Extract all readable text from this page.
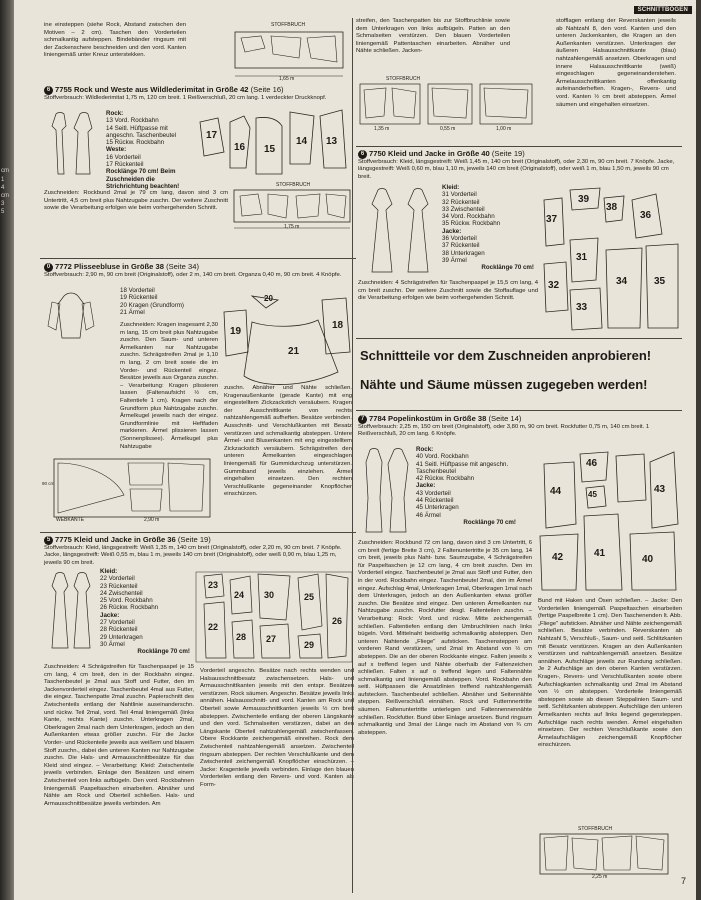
cm
1
4
cm
3
5
SCHNITTBOGEN

ine einsteppen (siehe Rock, Abstand zwischen den Motiven – 2 cm). Taschen den Vorderteilen schmalkantig aufsteppen. Bindebänder ringsum mit der Zackenschere beschneiden und den vord. Kanten liniengemäß unter Kreuz unterstekken.

STOFFBRUCH
1,65 m

6 7755 Rock und Weste aus Wildlederimitat in Größe 42 (Seite 16)

Stoffverbrauch: Wildlederimitat 1,75 m, 120 cm breit. 1 Reißverschluß, 20 cm lang. 1 verdeckter Druckknopf.

Rock:

13 Vord. Rockbahn

14 Seitl. Hüftpasse mit angeschn. Taschenbeutel

15 Rückw. Rockbahn

Weste:

16 Vorderteil

17 Rückenteil

Rocklänge 70 cm! Beim Zuschneiden die Strichrichtung beachten!

17
16 15
14 13

Zuschneiden: Rockbund 2mal je 79 cm lang, davon sind 3 cm Untertritt, 4,5 cm breit plus Nahtzugabe zuschn. Der weitere Zuschnitt sowie die Verarbeitung erfolgen wie beim vorhergehenden Schnitt.

STOFFBRUCH
1,75 m

0 7772 Plisseebluse in Größe 38 (Seite 34)

Stoffverbrauch: 2,90 m, 90 cm breit (Originalstoff), oder 2 m, 140 cm breit. Organza 0,40 m, 90 cm breit. 4 Knöpfe.

18 Vorderteil

19 Rückenteil

20 Kragen (Grundform)

21 Ärmel

Zuschneiden: Kragen insgesamt 2,30 m lang, 15 cm breit plus Nahtzugabe zuschn. Den Saum- und unteren Ärmelkanten nur Nahtzugabe zuschn. Schrägstreifen 2mal je 1,10 m lang, 2 cm breit sowie die im Vorder- und Rückenteil eingez. Besätze jeweils aus Organza zuschn. – Verarbeitung: Kragen plissieren lassen (Faltenaufsicht ½ cm, Faltentiefe 1 cm). Kragen nach der Grundform plus Nahtzugabe zuschn. Ärmelkugel jeweils nach der eingez. Grundformlinie mit Heftfaden markieren. Ärmel plissieren lassen (Sonnenplissee). Ärmelkugel plus Nahtzugabe

20
19
18
21
90 cm
WEBKANTE	2,90 m

zuschn. Abnäher und Nähte schließen. Kragenaußenkante (gerade Kante) mit eng eingestelltem Zickzackstich versäubern. Kragen der Ausschnittkante von rechts nahtzahlengemäß aufheften. Besätze verbinden. Ausschnitt- und Verschlußkanten mit Besatz verstürzen und schmalkantig absteppen. Untere Ärmel- und Blusenkanten mit eng eingestelltem Zickzackstich versäubern. Schrägstreifen den unteren Ärmelkanten eingeschlagen liniengemäß für Gummidurchzug unterstürzen. Gummiband jeweils einziehen. Ärmel eingehalten einsetzen. Den rechten Verschlußkante gegeneinander Knopflöcher einschürzen.

5 7775 Kleid und Jacke in Größe 36 (Seite 19)

Stoffverbrauch: Kleid, längsgestreift: Weiß 1,35 m, 140 cm breit (Originalstoff), oder 2,20 m, 90 cm breit. 7 Knöpfe. Jacke, längsgestreift: Weiß 0,55 m, blau 1 m, jeweils 140 cm breit (Originalstoff), oder weiß 0,90 m, blau 1,25 m, jeweils 90 cm breit.

Kleid:

22 Vorderteil

23 Rückenteil

24 Zwischenteil

25 Vord. Rockbahn

26 Rückw. Rockbahn

Jacke:

27 Vorderteil

28 Rückenteil

29 Unterkragen

30 Ärmel

Rocklänge 70 cm!

23
30	25
22
26
24
28
29
27

Zuschneiden: 4 Schrägstreifen für Taschenpaspel je 15 cm lang, 4 cm breit, den in der Rockbahn eingez. Taschenbeutel je 2mal aus Stoff und Futter, den im Jackenvorderteil eingez. Taschenbeutel 4mal aus Futter, die eingez. Taschenpatte 2mal zuschn. Papierschnitt des Zwischenteils entlang der Nahtlinie auseinanderschn. und rückw. Teil 2mal, vord. Teil 4mal liniengemäß (links Kante, rechts Kante) zuschn. Unterkragen 2mal, Oberkragen 2mal nach dem Unterkragen, jedoch an den Außenkanten etwas größer zuschn. Für die Jacke Vorder- und Rückenteile jeweils aus weißem und blauem Stoff zuschn., dabei den unteren Kanten nur Nahtzugabe zuschn. Die Hals- und Armausschnittbesätze für das Kleid sind eingez. – Verarbeitung: Kleid: Zwischenteile jeweils verbinden. Einlage den Besätzen und einem Zwischenteil von links aufbügeln. Den vord. Rockbahnen liniengemäß Paspeltaschen einarbeiten. Abnäher und Nähte am Rock und Oberteil schließen. Hals- und Armausschnittbesätze jeweils verbinden. Am

Vorderteil angeschn. Besätze nach rechts wenden und Halsausschnittbesatz zwischensetzen. Hals- und Armausschnittkanten jeweils mit den entspr. Besätzen verstürzen. Rock säumen. Angeschn. Besätze jeweils links annähen. Halsausschnitt- und vord. Kanten am Rock und Oberteil sowie Armausschnittkanten jeweils ½ cm breit absteppen. Zwischenteile entlang der oberen Längskante und den vord. Schmalseiten verstürzen, dabei an den Längskante Oberteil nahtzahlengemäß zwischenfassen. Obere Rockkante zeichengemäß einreihen. Rock dem Zwischenteil nahtzahlengemäß ansetzen. Zwischenteil ringsum absteppen. Der rechten Verschlußkante und dem Zwischenteil zeichengemäß Knopflöcher einschürzen. – Jacke: Kragenteile jeweils verbinden. Einlage den blauen Vorderteilen entlang den Revers- und vord. Kanten als Form-

streifen, den Taschenpatten bis zur Stoffbruchlinie sowie dem Unterkragen von links aufbügeln. Patten an den Schmalseiten verstürzen. Den blauen Vorderteilen liniengemäß Pattentaschen einarbeiten. Abnäher und Nähte schließen. Jacken-

STOFFBRUCH
1,35 m	0,55 m	1,00 m

stofflagen entlang der Reverskanten jeweils ab Nahtzahl 8, den vord. Kanten und den unteren Jackenkanten, die Kragen an den Außenkanten verstürzen. Unterkragen der äußeren Halsausschnittkante (blau) nahtzahlengemäß ansetzen. Oberkragen und innere Halsausschnittkante (weiß) eingeschlagen gegeneinanderstehen. Ärmelausschnittkanten offenkantig aufeinanderheften. Kragen-, Revers- und vord. Kanten ½ cm breit absteppen. Ärmel säumen und eingehalten einsetzen.

6 7750 Kleid und Jacke in Größe 40 (Seite 19)

Stoffverbrauch: Kleid, längsgestreift: Weiß 1,45 m, 140 cm breit (Originalstoff), oder 2,30 m, 90 cm breit. 7 Knöpfe. Jacke, längsgestreift: Weiß 0,60 m, blau 1,10 m, jeweils 140 cm breit (Originalstoff), oder weiß 1 m, blau 1,50 m, jeweils 90 cm breit.

Kleid:

31 Vorderteil

32 Rückenteil

33 Zwischenteil

34 Vord. Rockbahn

35 Rückw. Rockbahn

Jacke:

36 Vorderteil

37 Rückenteil

38 Unterkragen

39 Ärmel

Rocklänge 70 cm!

Zuschneiden: 4 Schrägstreifen für Taschenpaspel je 15,5 cm lang, 4 cm breit zuschn. Der weitere Zuschnitt sowie die Stoffauflage und die Verarbeitung erfolgen wie beim vorhergehenden Schnitt.

37
39
38
36
31
33
32	34	35

Schnittteile vor dem Zuschneiden anprobieren!

Nähte und Säume müssen zugegeben werden!

7 7784 Popelinkostüm in Größe 38 (Seite 14)

Stoffverbrauch: 2,25 m, 150 cm breit (Originalstoff), oder 3,80 m, 90 cm breit. Rockfutter 0,75 m, 140 cm breit. 1 Reißverschluß, 20 cm lang. 6 Knöpfe.

Rock:

40 Vord. Rockbahn

41 Seitl. Hüftpasse mit angeschn. Taschenbeutel

42 Rückw. Rockbahn

Jacke:

43 Vorderteil

44 Rückenteil

45 Unterkragen

46 Ärmel

Rocklänge 70 cm!

Zuschneiden: Rockbund 72 cm lang, davon sind 3 cm Untertritt, 6 cm breit (fertige Breite 3 cm), 2 Faltenuntertritte je 35 cm lang, 14 cm breit, jeweils plus Naht- bzw. Saumzugabe, 4 Schrägstreifen für Paspeltaschen je 12 cm lang, 4 cm breit zuschn. Den im Vorderteil eingez. Taschenbeutel je 2mal aus Stoff und Futter, den in der vord. Rockbahn eingez. Taschenbeutel 2mal, den im Ärmel eingez. Aufschlag 4mal, Unterkragen 1mal, Oberkragen 1mal nach dem Unterkragen, jedoch an den Außenkanten etwas größer zuschn. Die Besätze sind eingez. Den unteren Ärmelkanten nur Nahtzugabe zuschn. Rockfutter desgl. Faltenteilen zuschn. – Verarbeitung: Rock: Vord. und rückw. Mitte zeichengemäß schließen. Faltentiefen entlang den Umbruchlinien nach links bügeln. Vord. Mittelnaht beidseitig schmalkantig absteppen. Den unteren Nahtende „Fliege" aufsticken. Taschensteppen am vorderen Rand verstürzen, und 2mal im Abstand von ½ cm absteppen. Die an der oberen Rockkante eingez. Falten jeweils x auf x treffend legen und Nähte oberhalb der Faltenzeichen schließen. Falten x auf o treffend legen und Faltennähte schmalkantig und liniengemäß absteppen. Vord. Rockbahn den seitl. Hüftpassen die Ansatzlinien treffend nahtzahlengemäß aufstecken. Taschenbeutel schließen. Abnäher und Seitennähte steppen. Reißverschluß einnähen. Rock und Futternnertritte säumen. Faltenuntertritte unterlegen und Faltennennennähte schließen. Rockfutter. Bund über Einlage ansetzen. Bund ringsum schmalkantig und 3mal der Länge nach im Abstand von ¾ cm absteppen.

44
46
42
43
45
41
40

Bund mit Haken und Ösen schließen. – Jacke: Den Vorderteilen liniengemäß Paspeltaschen einarbeiten (fertige Paspelbreite 1 cm). Den Taschenenden lt. Abb. „Fliege" aufsticken. Abnäher und Nähte zeichengemäß schließen. Besätze verbinden. Reverskanten ab Nahtzahl 5, Verschluß-, Saum- und seitl. Schlitzkanten mit Besatz verstürzen. Kragen an den Außenkanten verstürzen und nahtzahlengemäß ansetzen. Besätze annähen. Aufschläge jeweils zur Rundung schließen. Je 2 Aufschläge an den oberen Kanten verstürzen. Kragen-, Revers- und Verschlußkanten sowie obere Aufschlagkanten schmalkantig und 2mal im Abstand von ½ cm absteppen. Vorderteile liniengemäß absteppen sowie ab diesen Steppalinien Saum- und seitl. Schlitzkanten absteppen. Aufschläge den unteren Ärmelkanten rechts auf links liegend gegensteppen. Aufschläge nach rechts wenden. Ärmel eingehalten einsetzen. Der rechten Verschlußkante sowie den Ärmelaufschlägen zeichengemäß Knopflöcher einschürzen.

STOFFBRUCH
2,25 m	7
